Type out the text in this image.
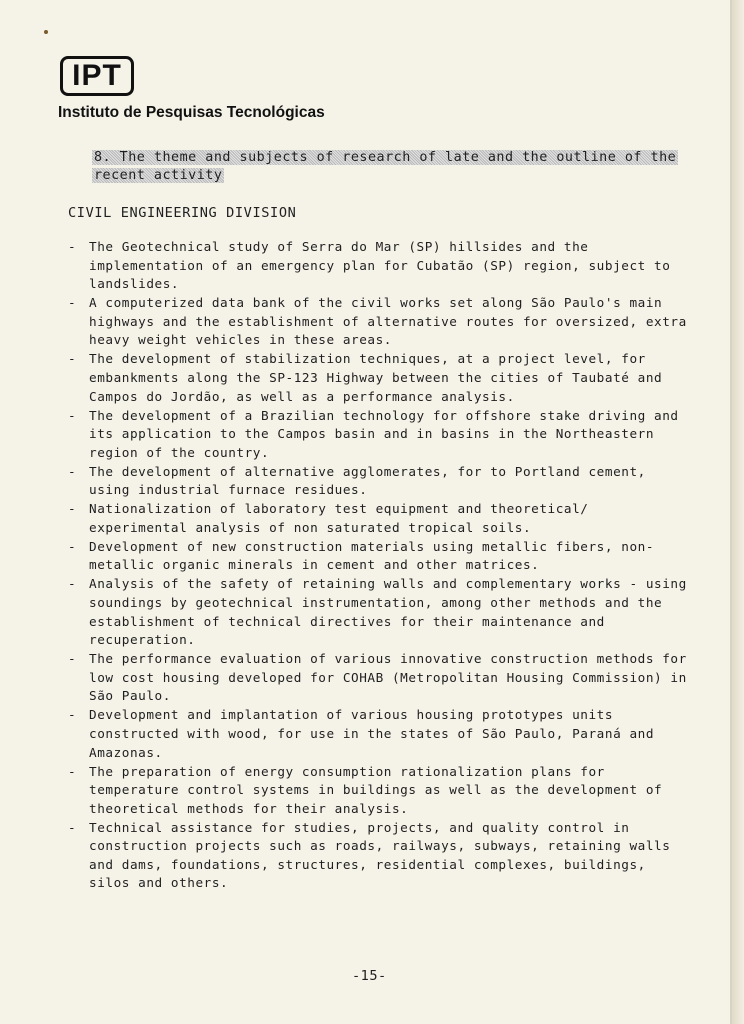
IPT
Instituto de Pesquisas Tecnológicas
8. The theme and subjects of research of late and the outline of the recent activity
CIVIL ENGINEERING DIVISION
- The Geotechnical study of Serra do Mar (SP) hillsides and the implementation of an emergency plan for Cubatão (SP) region, subject to landslides.
- A computerized data bank of the civil works set along São Paulo's main highways and the establishment of alternative routes for oversized, extra heavy weight vehicles in these areas.
- The development of stabilization techniques, at a project level, for embankments along the SP-123 Highway between the cities of Taubaté and Campos do Jordão, as well as a performance analysis.
- The development of a Brazilian technology for offshore stake driving and its application to the Campos basin and in basins in the Northeastern region of the country.
- The development of alternative agglomerates, for to Portland cement, using industrial furnace residues.
- Nationalization of laboratory test equipment and theoretical/ experimental analysis of non saturated tropical soils.
- Development of new construction materials using metallic fibers, non-metallic organic minerals in cement and other matrices.
- Analysis of the safety of retaining walls and complementary works - using soundings by geotechnical instrumentation, among other methods and the establishment of technical directives for their maintenance and recuperation.
- The performance evaluation of various innovative construction methods for low cost housing developed for COHAB (Metropolitan Housing Commission) in São Paulo.
- Development and implantation of various housing prototypes units constructed with wood, for use in the states of São Paulo, Paraná and Amazonas.
- The preparation of energy consumption rationalization plans for temperature control systems in buildings as well as the development of theoretical methods for their analysis.
- Technical assistance for studies, projects, and quality control in construction projects such as roads, railways, subways, retaining walls and dams, foundations, structures, residential complexes, buildings, silos and others.
-15-
